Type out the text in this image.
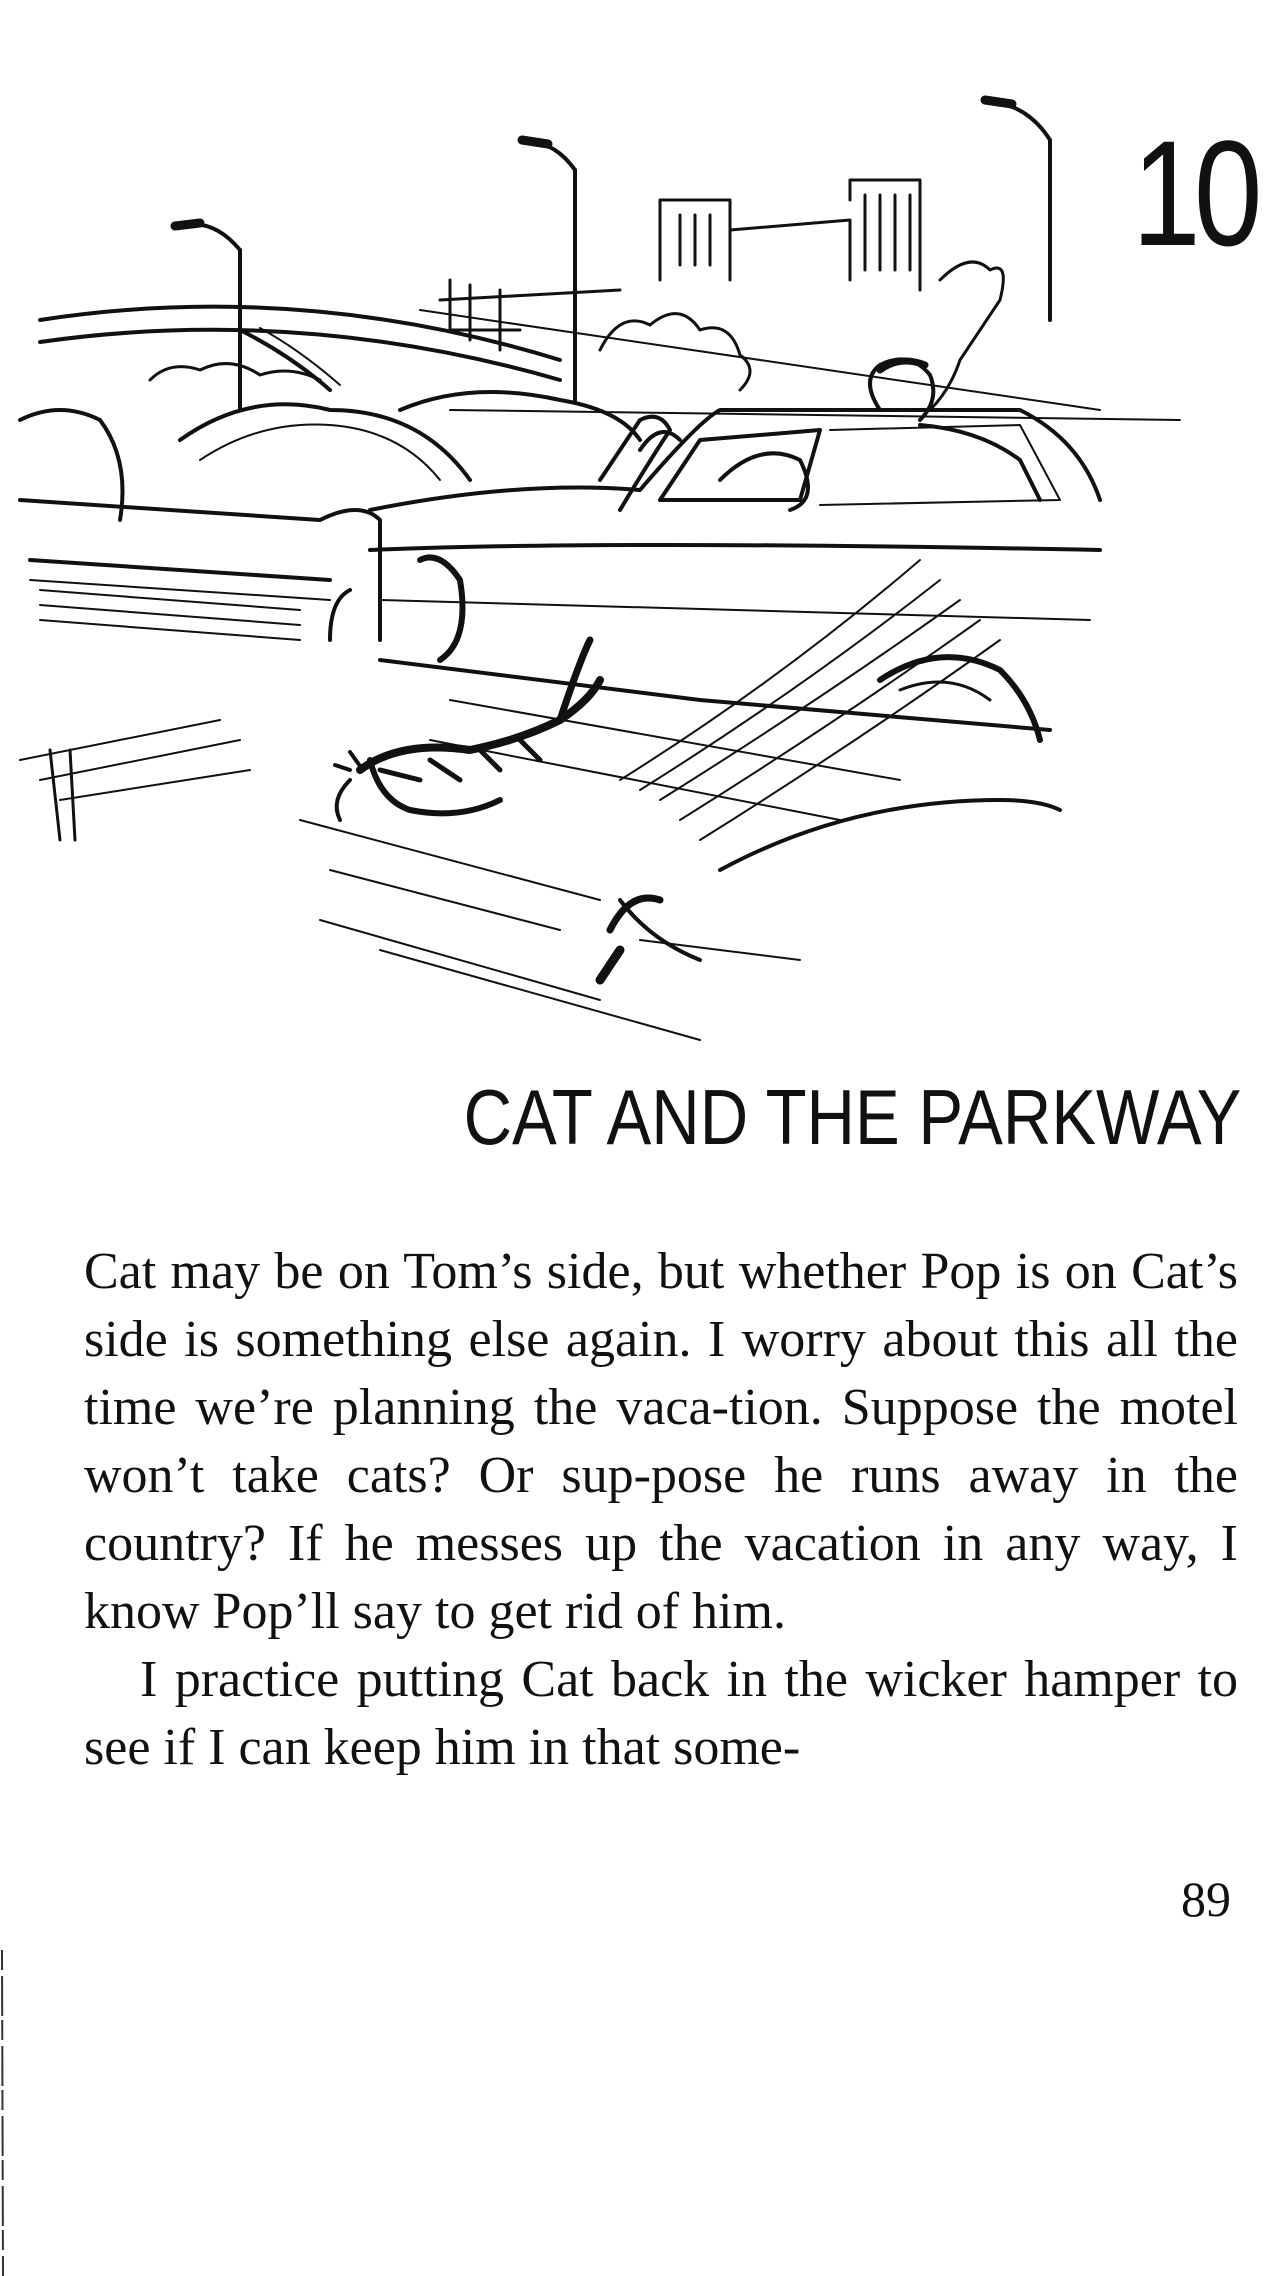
10
CAT AND THE PARKWAY

Cat may be on Tom’s side, but whether Pop is on Cat’s side is something else again. I worry about this all the time we’re planning the vaca-tion. Suppose the motel won’t take cats? Or sup-pose he runs away in the country? If he messes up the vacation in any way, I know Pop’ll say to get rid of him.

I practice putting Cat back in the wicker hamper to see if I can keep him in that some-

89
